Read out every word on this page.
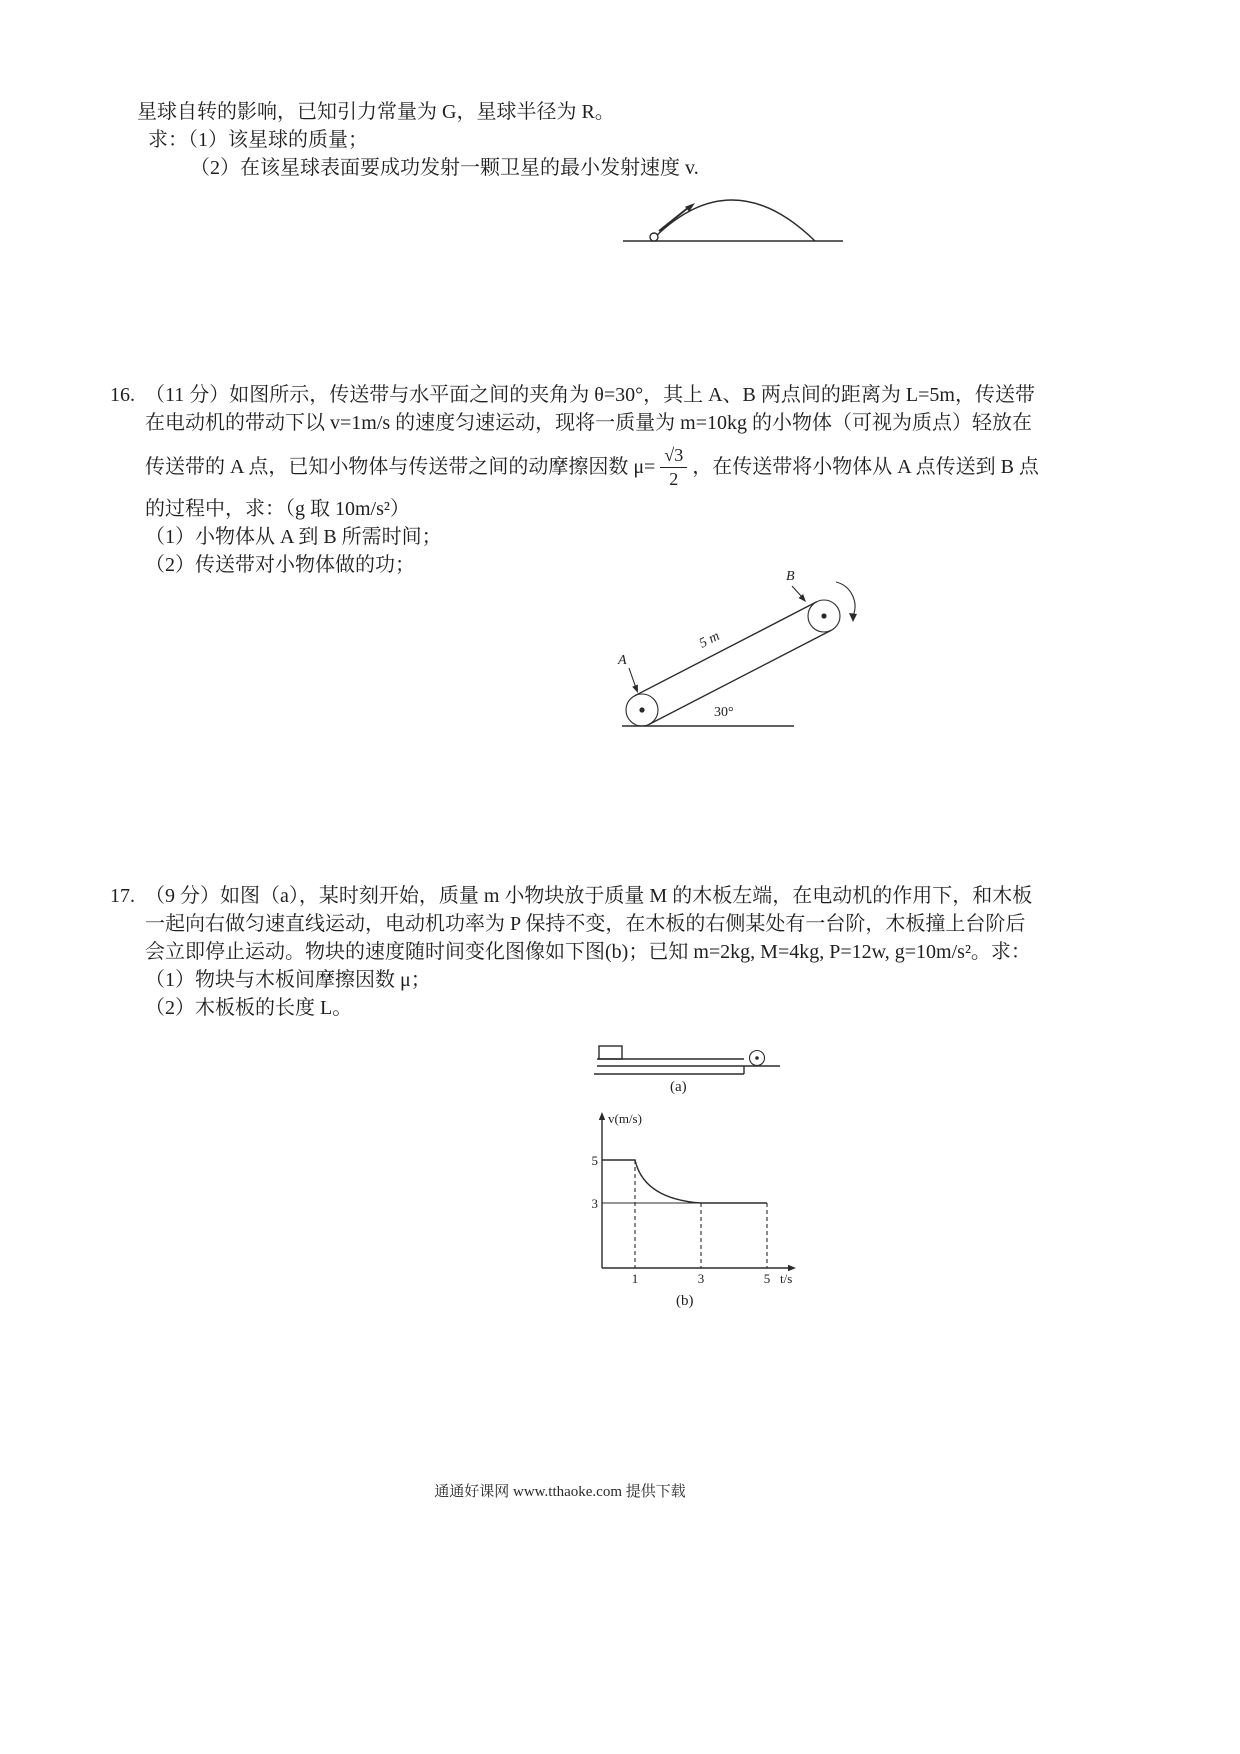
星球自转的影响，已知引力常量为 G，星球半径为 R。
求：（1）该星球的质量；
（2）在该星球表面要成功发射一颗卫星的最小发射速度 v.
16. （11 分）如图所示，传送带与水平面之间的夹角为 θ=30°，其上 A、B 两点间的距离为 L=5m，传送带
在电动机的带动下以 v=1m/s 的速度匀速运动，现将一质量为 m=10kg 的小物体（可视为质点）轻放在
传送带的 A 点，已知小物体与传送带之间的动摩擦因数 $\mu= \frac{√3}{2}$ ，在传送带将小物体从 A 点传送到 B 点
的过程中，求：（g 取 10m/s²）
（1）小物体从 A 到 B 所需时间；
（2）传送带对小物体做的功；
A
B
5 m
30°
17. （9 分）如图（a），某时刻开始，质量 m 小物块放于质量 M 的木板左端，在电动机的作用下，和木板
一起向右做匀速直线运动，电动机功率为 P 保持不变，在木板的右侧某处有一台阶，木板撞上台阶后
会立即停止运动。物块的速度随时间变化图像如下图(b)；已知 m=2kg, M=4kg, P=12w, g=10m/s²。求：
（1）物块与木板间摩擦因数 μ；
（2）木板板的长度 L。
(a)
v(m/s)
5
3
1	3	5 t/s
(b)
通通好课网 www.tthaoke.com 提供下载
